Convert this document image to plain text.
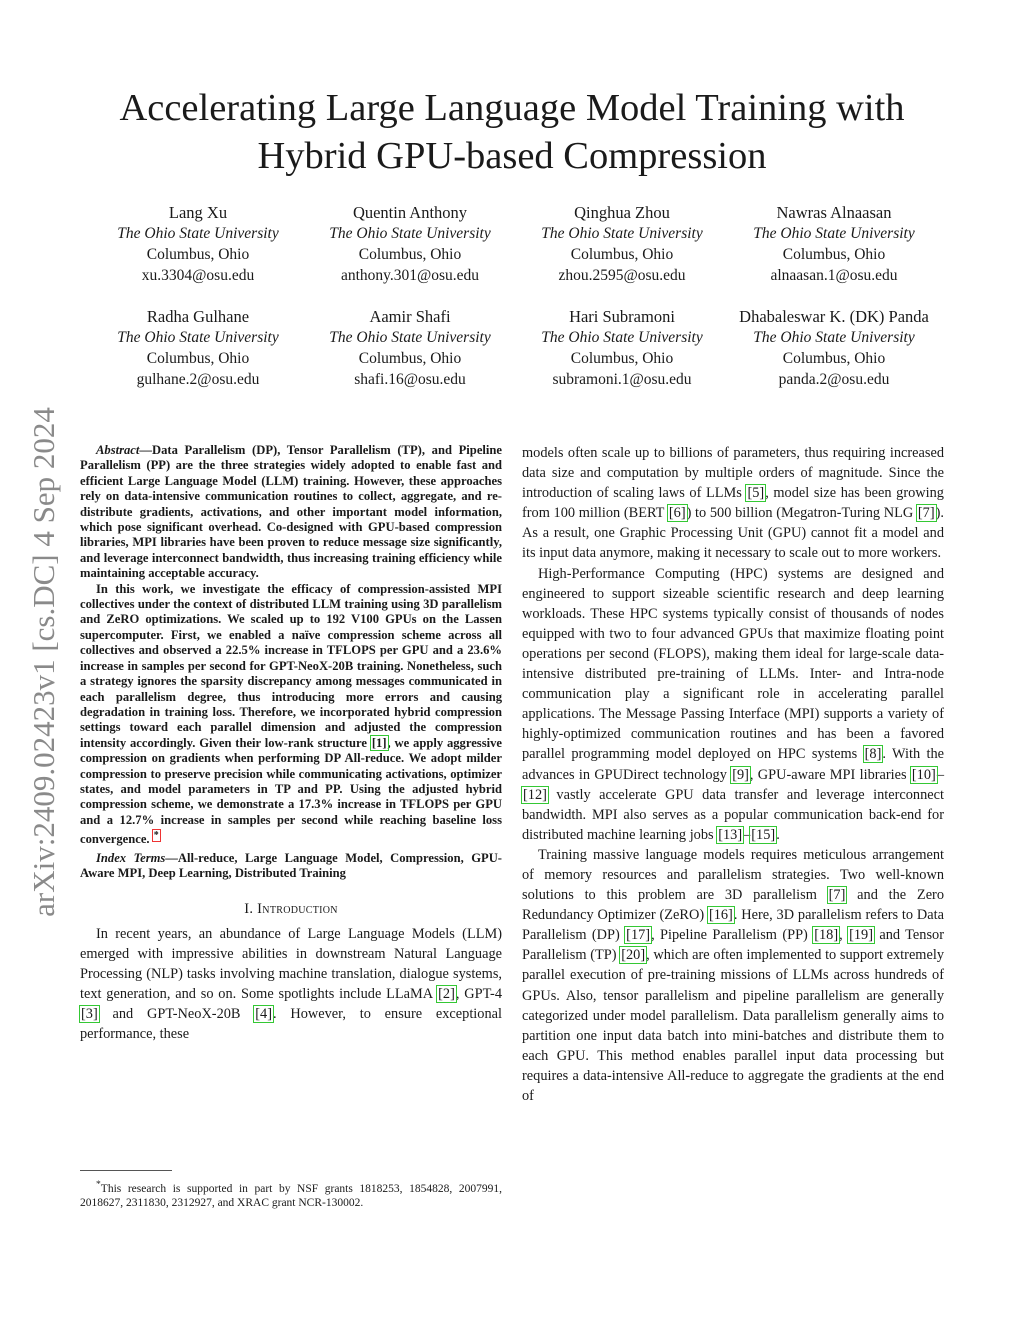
arXiv:2409.02423v1 [cs.DC] 4 Sep 2024
Accelerating Large Language Model Training with
Hybrid GPU-based Compression
Lang Xu
The Ohio State University
Columbus, Ohio
xu.3304@osu.edu
Quentin Anthony
The Ohio State University
Columbus, Ohio
anthony.301@osu.edu
Qinghua Zhou
The Ohio State University
Columbus, Ohio
zhou.2595@osu.edu
Nawras Alnaasan
The Ohio State University
Columbus, Ohio
alnaasan.1@osu.edu
Radha Gulhane
The Ohio State University
Columbus, Ohio
gulhane.2@osu.edu
Aamir Shafi
The Ohio State University
Columbus, Ohio
shafi.16@osu.edu
Hari Subramoni
The Ohio State University
Columbus, Ohio
subramoni.1@osu.edu
Dhabaleswar K. (DK) Panda
The Ohio State University
Columbus, Ohio
panda.2@osu.edu

Abstract—Data Parallelism (DP), Tensor Parallelism (TP), and Pipeline Parallelism (PP) are the three strategies widely adopted to enable fast and efficient Large Language Model (LLM) training. However, these approaches rely on data-intensive communication routines to collect, aggregate, and re-distribute gradients, activations, and other important model information, which pose significant overhead. Co-designed with GPU-based compression libraries, MPI libraries have been proven to reduce message size significantly, and leverage interconnect bandwidth, thus increasing training efficiency while maintaining acceptable accuracy.

In this work, we investigate the efficacy of compression-assisted MPI collectives under the context of distributed LLM training using 3D parallelism and ZeRO optimizations. We scaled up to 192 V100 GPUs on the Lassen supercomputer. First, we enabled a naïve compression scheme across all collectives and observed a 22.5% increase in TFLOPS per GPU and a 23.6% increase in samples per second for GPT-NeoX-20B training. Nonetheless, such a strategy ignores the sparsity discrepancy among messages communicated in each parallelism degree, thus introducing more errors and causing degradation in training loss. Therefore, we incorporated hybrid compression settings toward each parallel dimension and adjusted the compression intensity accordingly. Given their low-rank structure [1], we apply aggressive compression on gradients when performing DP All-reduce. We adopt milder compression to preserve precision while communicating activations, optimizer states, and model parameters in TP and PP. Using the adjusted hybrid compression scheme, we demonstrate a 17.3% increase in TFLOPS per GPU and a 12.7% increase in samples per second while reaching baseline loss convergence. *

Index Terms—All-reduce, Large Language Model, Compression, GPU-Aware MPI, Deep Learning, Distributed Training

I. Introduction

In recent years, an abundance of Large Language Models (LLM) emerged with impressive abilities in downstream Natural Language Processing (NLP) tasks involving machine translation, dialogue systems, text generation, and so on. Some spotlights include LLaMA [2], GPT-4 [3] and GPT-NeoX-20B [4]. However, to ensure exceptional performance, these

*This research is supported in part by NSF grants 1818253, 1854828, 2007991, 2018627, 2311830, 2312927, and XRAC grant NCR-130002.

models often scale up to billions of parameters, thus requiring increased data size and computation by multiple orders of magnitude. Since the introduction of scaling laws of LLMs [5], model size has been growing from 100 million (BERT [6]) to 500 billion (Megatron-Turing NLG [7]). As a result, one Graphic Processing Unit (GPU) cannot fit a model and its input data anymore, making it necessary to scale out to more workers.

High-Performance Computing (HPC) systems are designed and engineered to support sizeable scientific research and deep learning workloads. These HPC systems typically consist of thousands of nodes equipped with two to four advanced GPUs that maximize floating point operations per second (FLOPS), making them ideal for large-scale data-intensive distributed pre-training of LLMs. Inter- and Intra-node communication play a significant role in accelerating parallel applications. The Message Passing Interface (MPI) supports a variety of highly-optimized communication routines and has been a favored parallel programming model deployed on HPC systems [8]. With the advances in GPUDirect technology [9], GPU-aware MPI libraries [10]–[12] vastly accelerate GPU data transfer and leverage interconnect bandwidth. MPI also serves as a popular communication back-end for distributed machine learning jobs [13]–[15].

Training massive language models requires meticulous arrangement of memory resources and parallelism strategies. Two well-known solutions to this problem are 3D parallelism [7] and the Zero Redundancy Optimizer (ZeRO) [16]. Here, 3D parallelism refers to Data Parallelism (DP) [17], Pipeline Parallelism (PP) [18], [19] and Tensor Parallelism (TP) [20], which are often implemented to support extremely parallel execution of pre-training missions of LLMs across hundreds of GPUs. Also, tensor parallelism and pipeline parallelism are generally categorized under model parallelism. Data parallelism generally aims to partition one input data batch into mini-batches and distribute them to each GPU. This method enables parallel input data processing but requires a data-intensive All-reduce to aggregate the gradients at the end of
